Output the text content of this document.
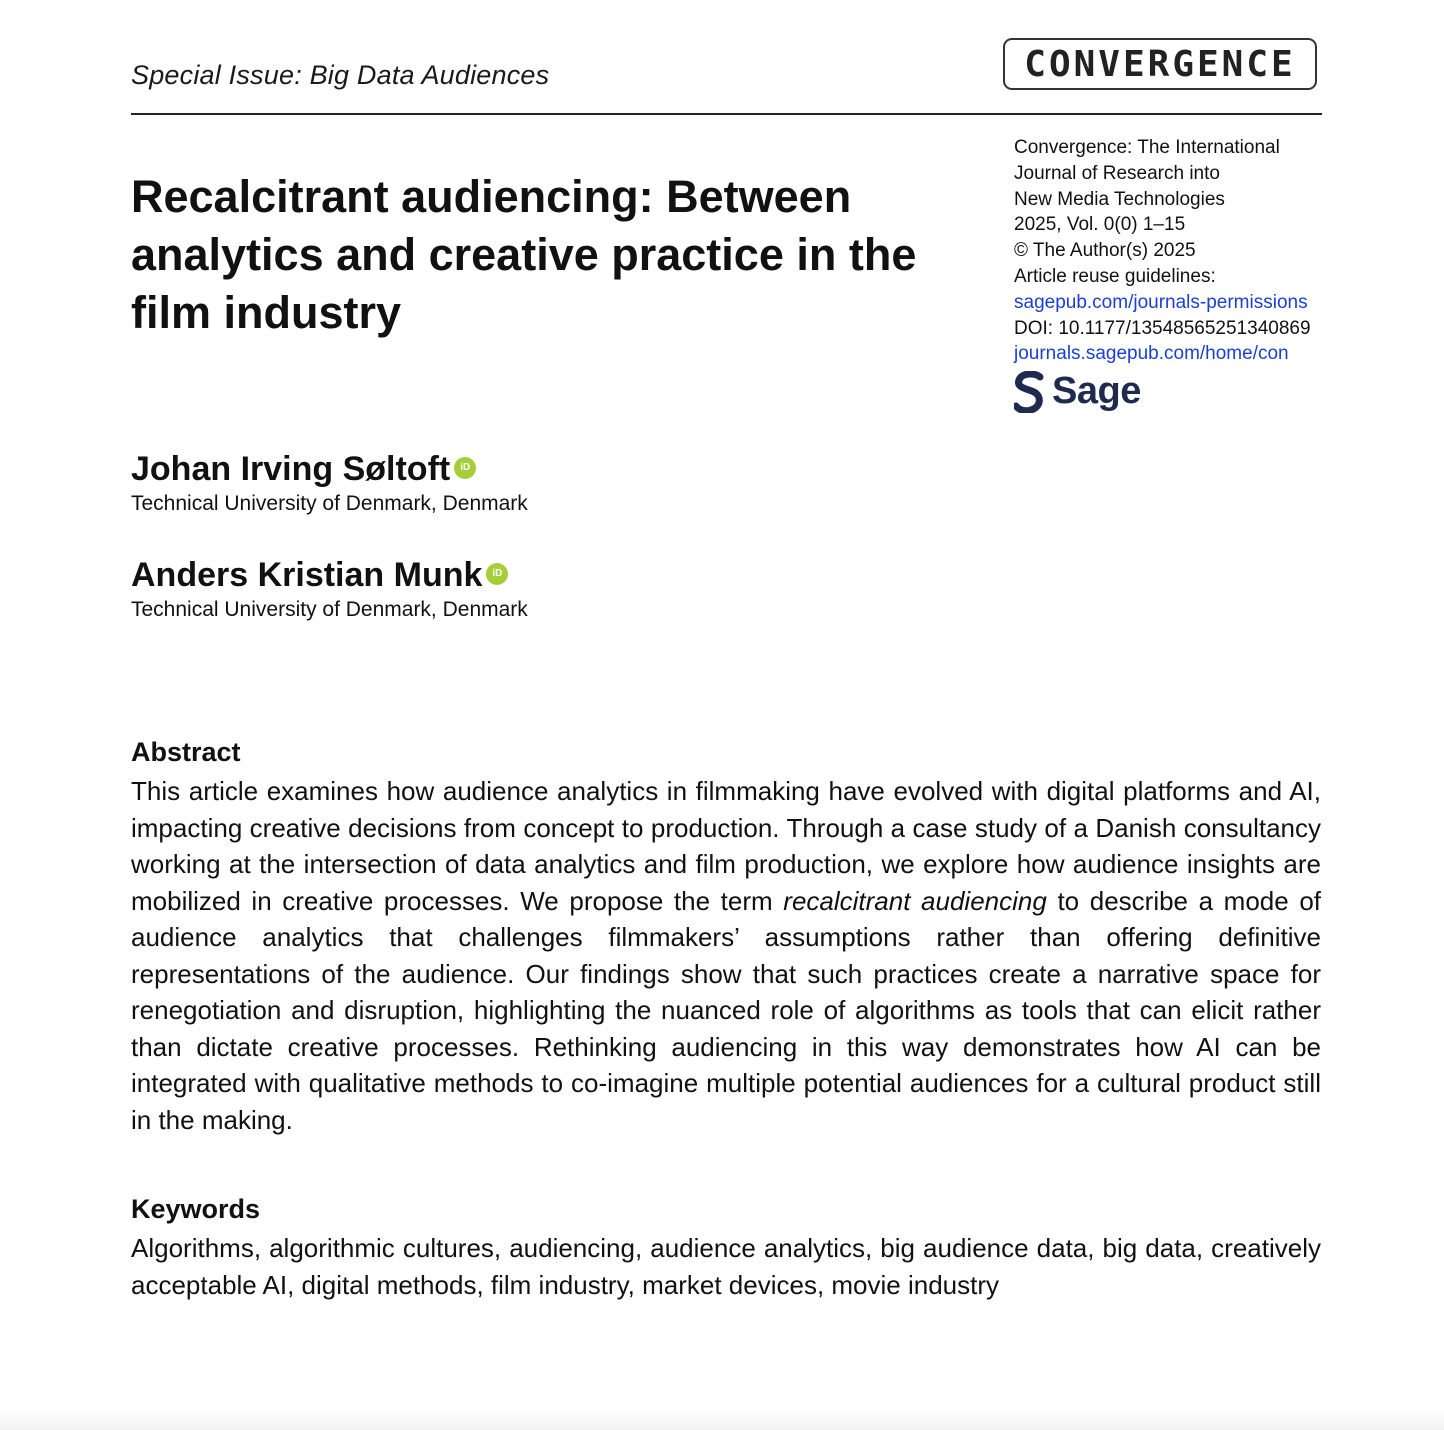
Special Issue: Big Data Audiences	CONVERGENCE
Recalcitrant audiencing: Between analytics and creative practice in the film industry
Convergence: The International
Journal of Research into
New Media Technologies
2025, Vol. 0(0) 1–15
© The Author(s) 2025
Article reuse guidelines:
sagepub.com/journals-permissions
DOI: 10.1177/13548565251340869
journals.sagepub.com/home/con
Sage
Johan Irving Søltoft	iD
Technical University of Denmark, Denmark
Anders Kristian Munk	iD
Technical University of Denmark, Denmark
Abstract

This article examines how audience analytics in filmmaking have evolved with digital platforms and AI, impacting creative decisions from concept to production. Through a case study of a Danish consultancy working at the intersection of data analytics and film production, we explore how audience insights are mobilized in creative processes. We propose the term recalcitrant audiencing to describe a mode of audience analytics that challenges filmmakers’ assumptions rather than offering definitive representations of the audience. Our findings show that such practices create a narrative space for renegotiation and disruption, highlighting the nuanced role of algorithms as tools that can elicit rather than dictate creative processes. Rethinking audiencing in this way demonstrates how AI can be integrated with qualitative methods to co-imagine multiple potential audiences for a cultural product still in the making.

Keywords

Algorithms, algorithmic cultures, audiencing, audience analytics, big audience data, big data, creatively acceptable AI, digital methods, film industry, market devices, movie industry
